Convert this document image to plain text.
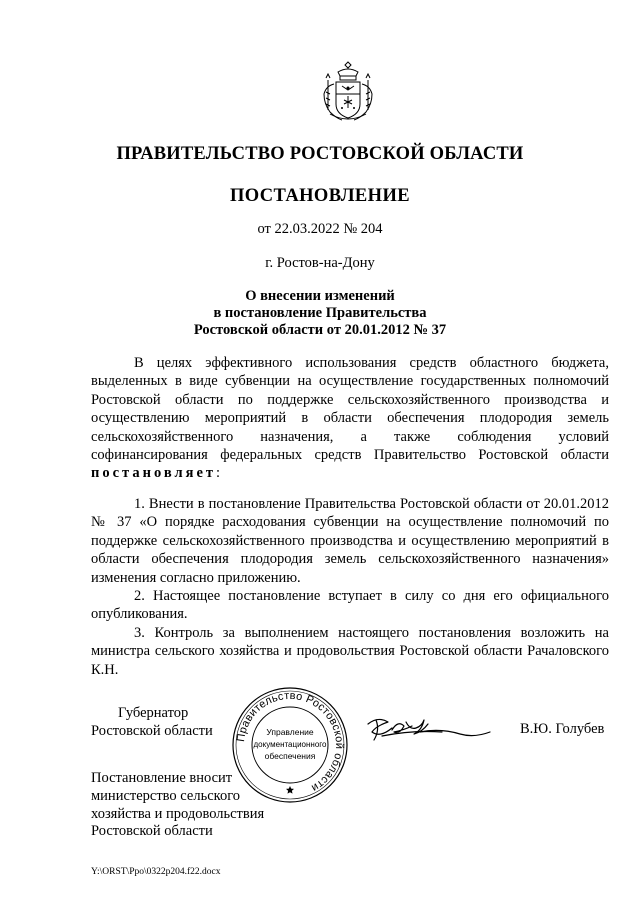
ПРАВИТЕЛЬСТВО РОСТОВСКОЙ ОБЛАСТИ
ПОСТАНОВЛЕНИЕ
от 22.03.2022 № 204
г. Ростов-на-Дону
О внесении изменений
в постановление Правительства
Ростовской области от 20.01.2012 № 37

В целях эффективного использования средств областного бюджета, выделенных в виде субвенции на осуществление государственных полномочий Ростовской области по поддержке сельскохозяйственного производства и осуществлению мероприятий в области обеспечения плодородия земель сельскохозяйственного назначения, а также соблюдения условий софинансирования федеральных средств Правительство Ростовской области постановляет:

1. Внести в постановление Правительства Ростовской области от 20.01.2012 № 37 «О порядке расходования субвенции на осуществление полномочий по поддержке сельскохозяйственного производства и осуществлению мероприятий в области обеспечения плодородия земель сельскохозяйственного назначения» изменения согласно приложению.

2. Настоящее постановление вступает в силу со дня его официального опубликования.

3. Контроль за выполнением настоящего постановления возложить на министра сельского хозяйства и продовольствия Ростовской области Рачаловского К.Н.

Губернатор
Ростовской области Правительство Ростовской области
Управление
документационного
обеспечения
В.Ю. Голубев
Постановление вносит
министерство сельского
хозяйства и продовольствия
Ростовской области
Y:\ORST\Ppo\0322p204.f22.docx
